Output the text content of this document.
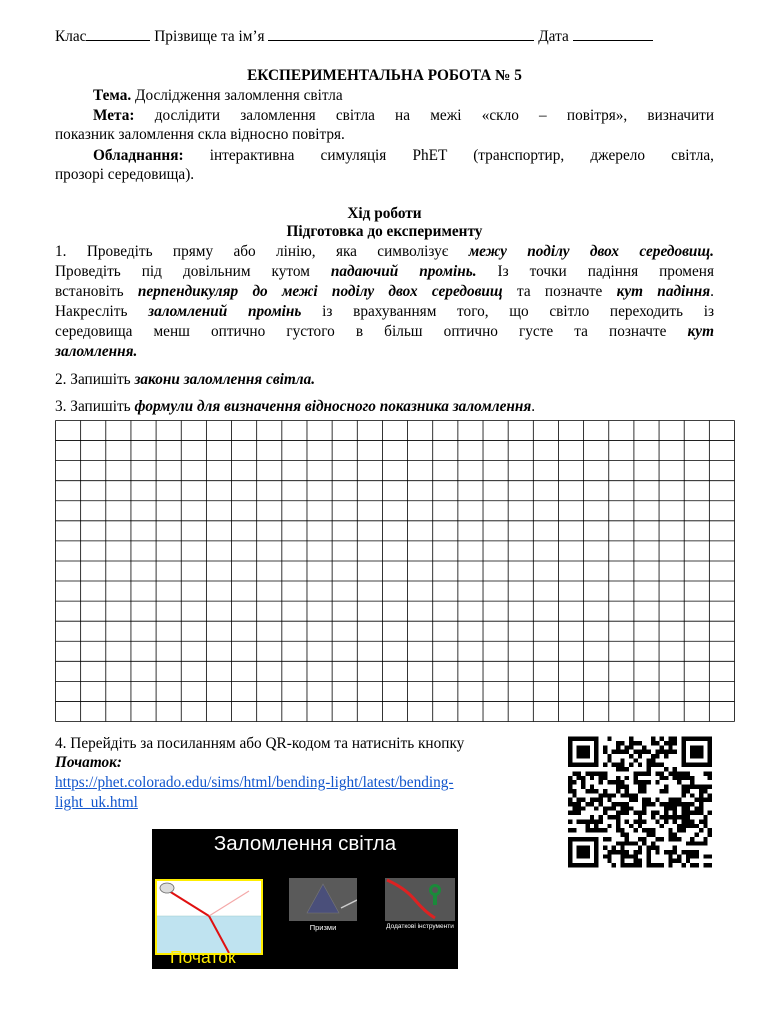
Клас	Прізвище та ім’я	Дата
ЕКСПЕРИМЕНТАЛЬНА РОБОТА № 5
Тема. Дослідження заломлення світла
Мета: дослідити заломлення світла на межі «скло – повітря», визначити
показник заломлення скла відносно повітря.
Обладнання: інтерактивна симуляція PhET (транспортир, джерело світла,
прозорі середовища).
Хід роботи
Підготовка до експерименту
1. Проведіть пряму або лінію, яка символізує межу поділу двох середовищ.
Проведіть під довільним кутом падаючий промінь. Із точки падіння променя
встановіть перпендикуляр до межі поділу двох середовищ та позначте кут падіння.
Накресліть заломлений промінь із врахуванням того, що світло переходить із
середовища менш оптично густого в більш оптично густе та позначте кут
заломлення.
2. Запишіть закони заломлення світла.
3. Запишіть формули для визначення відносного показника заломлення.
4. Перейдіть за посиланням або QR-кодом та натисніть кнопку
Початок:
https://phet.colorado.edu/sims/html/bending-light/latest/bending-
light_uk.html
Заломлення світла
Початок
Призми	Додаткові інструменти
